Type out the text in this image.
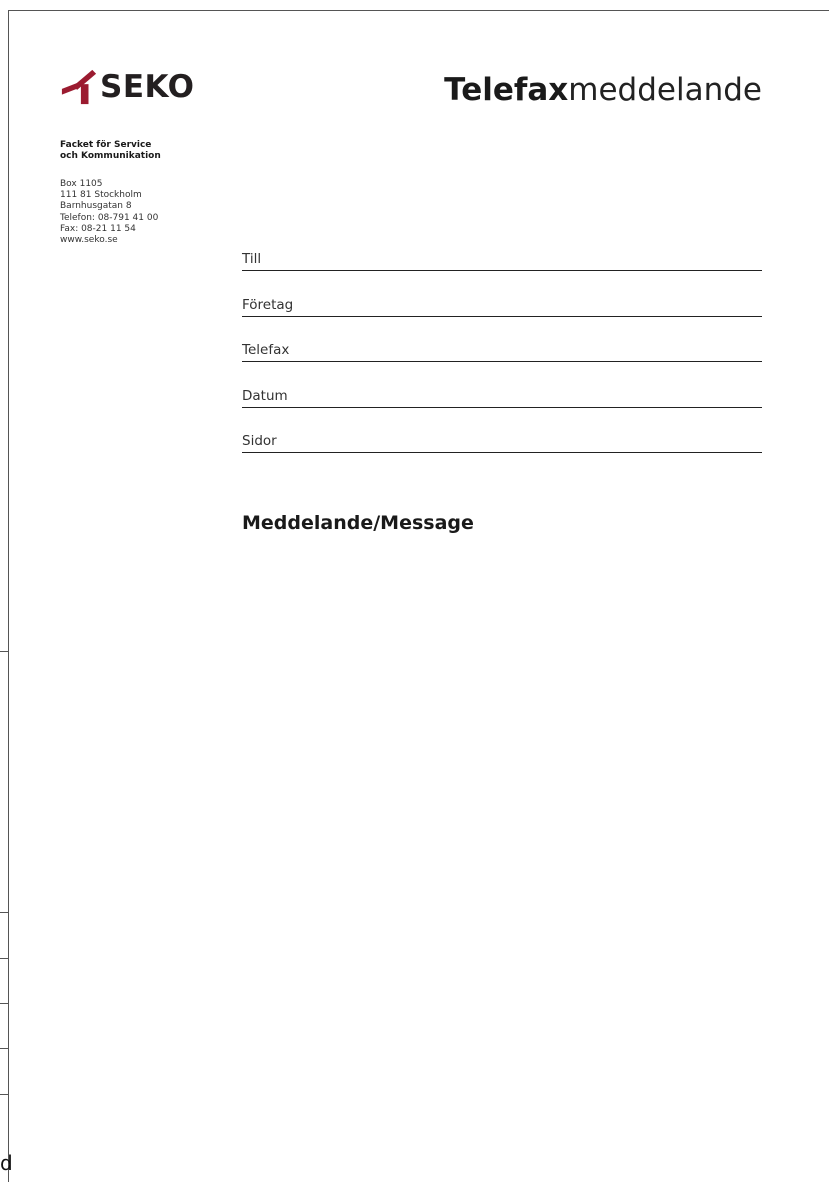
d
SEKO	Telefaxmeddelande
Facket för Service
och Kommunikation
Box 1105
111 81 Stockholm
Barnhusgatan 8
Telefon: 08-791 41 00
Fax: 08-21 11 54
www.seko.se
Till
Företag
Telefax
Datum
Sidor
Meddelande/Message
